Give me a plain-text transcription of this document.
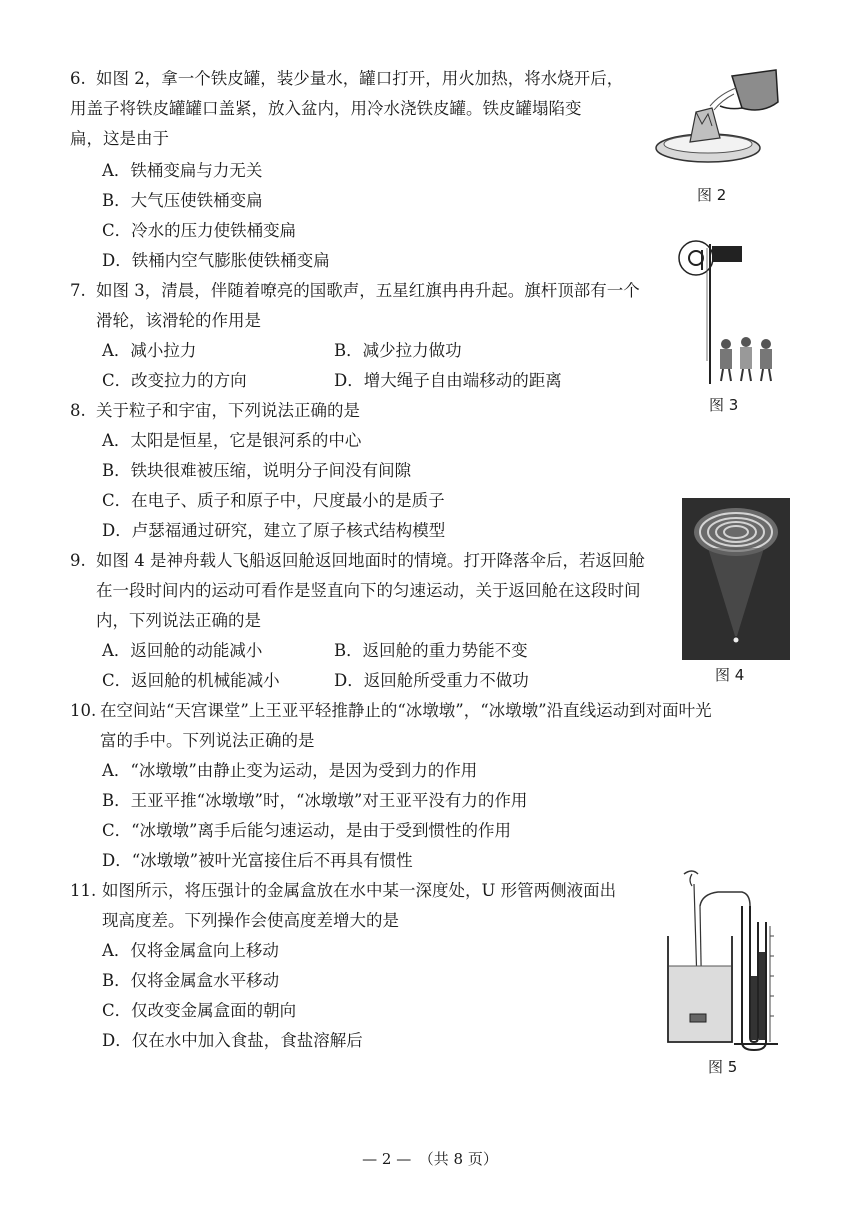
6. 如图 2，拿一个铁皮罐，装少量水，罐口打开，用火加热，将水烧开后，
用盖子将铁皮罐罐口盖紧，放入盆内，用冷水浇铁皮罐。铁皮罐塌陷变
扁，这是由于
A．铁桶变扁与力无关
B．大气压使铁桶变扁
C．冷水的压力使铁桶变扁
D．铁桶内空气膨胀使铁桶变扁
图 2
7. 如图 3，清晨，伴随着嘹亮的国歌声，五星红旗冉冉升起。旗杆顶部有一个
滑轮，该滑轮的作用是
A．减小拉力	B．减少拉力做功
C．改变拉力的方向	D．增大绳子自由端移动的距离
图 3
8. 关于粒子和宇宙，下列说法正确的是
A．太阳是恒星，它是银河系的中心
B．铁块很难被压缩，说明分子间没有间隙
C．在电子、质子和原子中，尺度最小的是质子
D．卢瑟福通过研究，建立了原子核式结构模型
图 4
9. 如图 4 是神舟载人飞船返回舱返回地面时的情境。打开降落伞后，若返回舱
在一段时间内的运动可看作是竖直向下的匀速运动，关于返回舱在这段时间
内，下列说法正确的是
A．返回舱的动能减小	B．返回舱的重力势能不变
C．返回舱的机械能减小	D．返回舱所受重力不做功
10. 在空间站“天宫课堂”上王亚平轻推静止的“冰墩墩”，“冰墩墩”沿直线运动到对面叶光
富的手中。下列说法正确的是
A．“冰墩墩”由静止变为运动，是因为受到力的作用
B．王亚平推“冰墩墩”时，“冰墩墩”对王亚平没有力的作用
C．“冰墩墩”离手后能匀速运动，是由于受到惯性的作用
D．“冰墩墩”被叶光富接住后不再具有惯性
11. 如图所示，将压强计的金属盒放在水中某一深度处，U 形管两侧液面出
现高度差。下列操作会使高度差增大的是
A．仅将金属盒向上移动
B．仅将金属盒水平移动
C．仅改变金属盒面的朝向
D．仅在水中加入食盐，食盐溶解后
图 5
— 2 —　（共 8 页）
